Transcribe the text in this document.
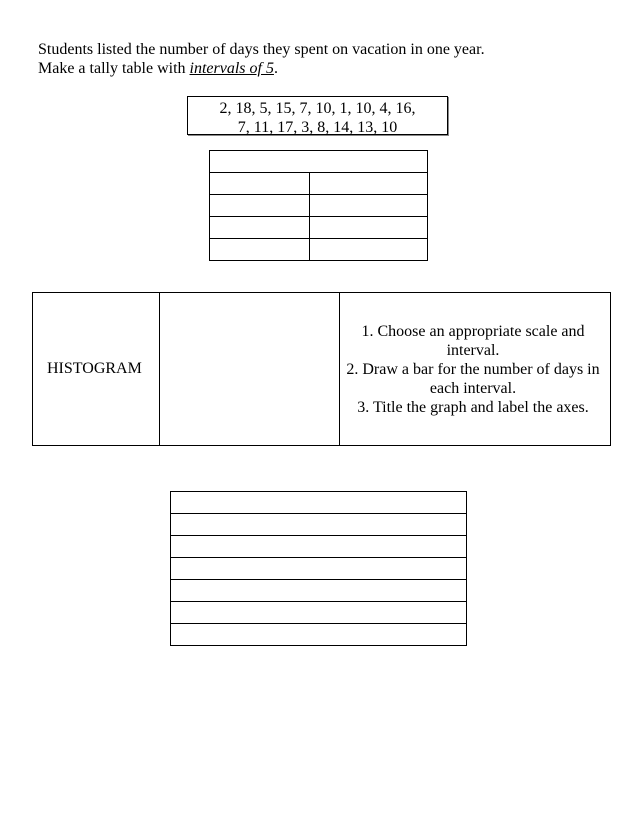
Students listed the number of days they spent on vacation in one year.
Make a tally table with intervals of 5.
2, 18, 5, 15, 7, 10, 1, 10, 4, 16,
7, 11, 17, 3, 8, 14, 13, 10

HISTOGRAM		
1. Choose an appropriate scale and interval.
2. Draw a bar for the number of days in each interval.
3. Title the graph and label the axes.
